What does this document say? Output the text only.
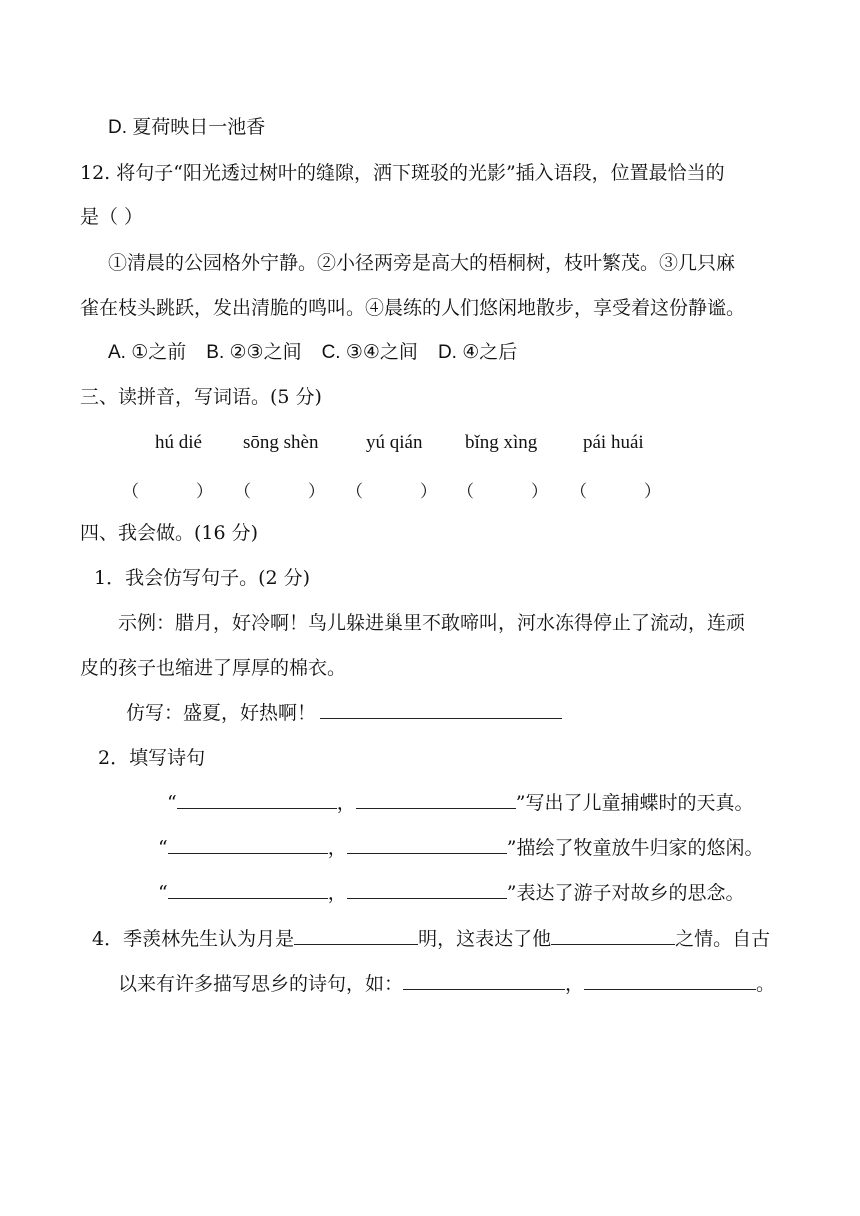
D. 夏荷映日一池香
12. 将句子“阳光透过树叶的缝隙，洒下斑驳的光影”插入语段，位置最恰当的
是（ ）
①清晨的公园格外宁静。②小径两旁是高大的梧桐树，枝叶繁茂。③几只麻
雀在枝头跳跃，发出清脆的鸣叫。④晨练的人们悠闲地散步，享受着这份静谧。
A. ①之前 B. ②③之间 C. ③④之间 D. ④之后
三、读拼音，写词语。(5 分)
hú dié sōng shèn	yú qián bǐng xìng pái huái
（	） （	） （	） （	） （	）
四、我会做。(16 分)
1．我会仿写句子。(2 分)
示例：腊月，好冷啊！鸟儿躲进巢里不敢啼叫，河水冻得停止了流动，连顽
皮的孩子也缩进了厚厚的棉衣。
仿写：盛夏，好热啊！
2．填写诗句
“	，	”写出了儿童捕蝶时的天真。
“	，	”描绘了牧童放牛归家的悠闲。
“	，	”表达了游子对故乡的思念。
4．季羡林先生认为月是	明，这表达了他	之情。自古
以来有许多描写思乡的诗句，如：	，	。
